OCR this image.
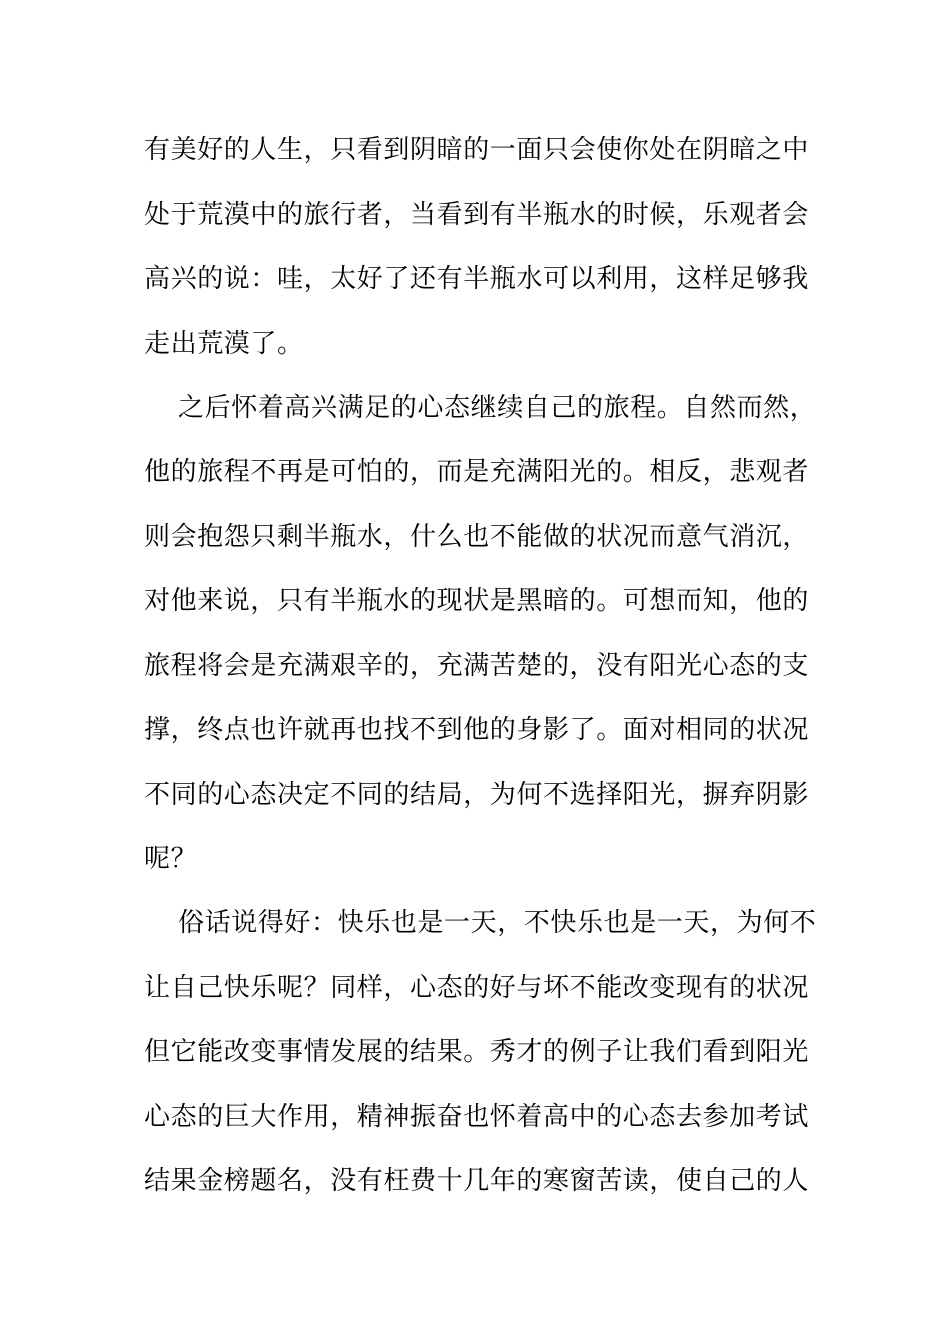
有美好的人生，只看到阴暗的一面只会使你处在阴暗之中
处于荒漠中的旅行者，当看到有半瓶水的时候，乐观者会
高兴的说：哇，太好了还有半瓶水可以利用，这样足够我
走出荒漠了。
之后怀着高兴满足的心态继续自己的旅程。自然而然，
他的旅程不再是可怕的，而是充满阳光的。相反，悲观者
则会抱怨只剩半瓶水，什么也不能做的状况而意气消沉，
对他来说，只有半瓶水的现状是黑暗的。可想而知，他的
旅程将会是充满艰辛的，充满苦楚的，没有阳光心态的支
撑，终点也许就再也找不到他的身影了。面对相同的状况
不同的心态决定不同的结局，为何不选择阳光，摒弃阴影
呢？
俗话说得好：快乐也是一天，不快乐也是一天，为何不
让自己快乐呢？同样，心态的好与坏不能改变现有的状况
但它能改变事情发展的结果。秀才的例子让我们看到阳光
心态的巨大作用，精神振奋也怀着高中的心态去参加考试
结果金榜题名，没有枉费十几年的寒窗苦读，使自己的人
